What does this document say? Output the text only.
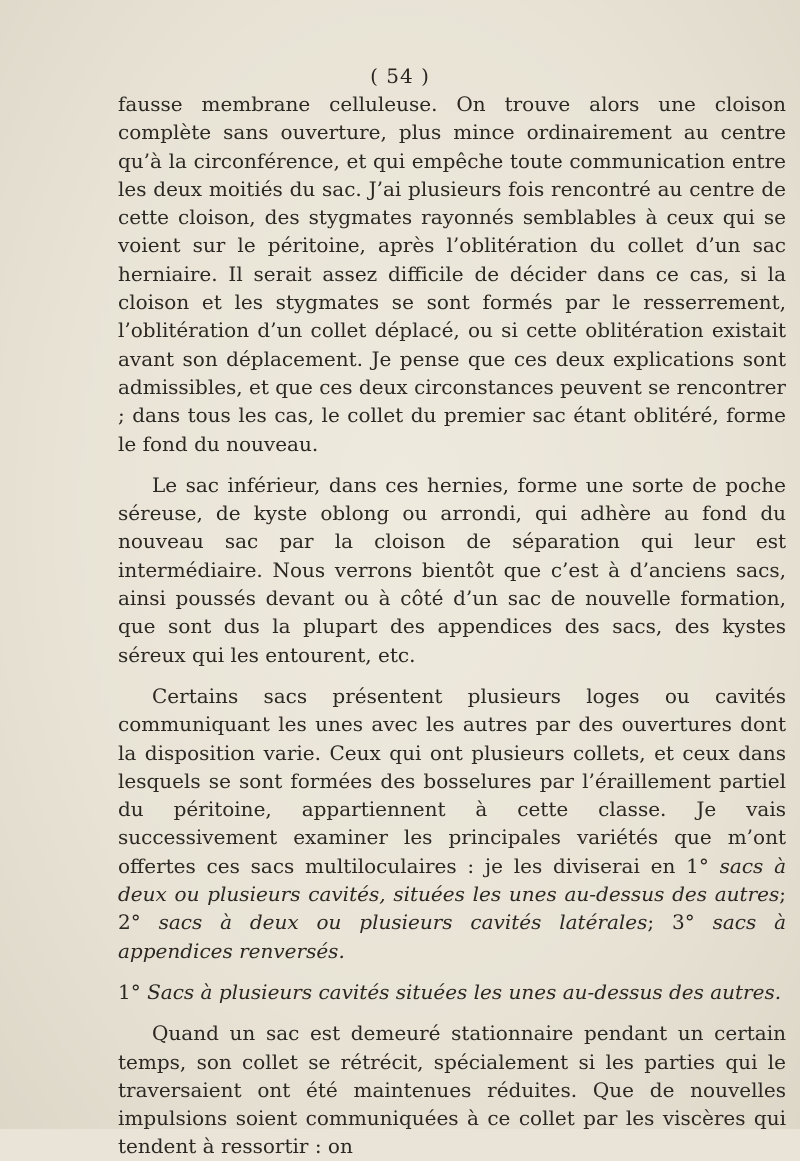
( 54 )

fausse membrane celluleuse. On trouve alors une cloison complète sans ouverture, plus mince ordinairement au centre qu’à la circonférence, et qui empêche toute communication entre les deux moitiés du sac. J’ai plusieurs fois rencontré au centre de cette cloison, des stygmates rayonnés semblables à ceux qui se voient sur le péritoine, après l’oblitération du collet d’un sac herniaire. Il serait assez difficile de décider dans ce cas, si la cloison et les stygmates se sont formés par le resserrement, l’oblitération d’un collet déplacé, ou si cette oblitération existait avant son déplacement. Je pense que ces deux explications sont admissibles, et que ces deux circonstances peuvent se rencontrer ; dans tous les cas, le collet du premier sac étant oblitéré, forme le fond du nouveau.

Le sac inférieur, dans ces hernies, forme une sorte de poche séreuse, de kyste oblong ou arrondi, qui adhère au fond du nouveau sac par la cloison de séparation qui leur est intermédiaire. Nous verrons bientôt que c’est à d’anciens sacs, ainsi poussés devant ou à côté d’un sac de nouvelle formation, que sont dus la plupart des appendices des sacs, des kystes séreux qui les entourent, etc.

Certains sacs présentent plusieurs loges ou cavités communiquant les unes avec les autres par des ouvertures dont la disposition varie. Ceux qui ont plusieurs collets, et ceux dans lesquels se sont formées des bosselures par l’éraillement partiel du péritoine, appartiennent à cette classe. Je vais successivement examiner les principales variétés que m’ont offertes ces sacs multiloculaires : je les diviserai en 1° sacs à deux ou plusieurs cavités, situées les unes au-dessus des autres; 2° sacs à deux ou plusieurs cavités latérales; 3° sacs à appendices renversés.

1° Sacs à plusieurs cavités situées les unes au-dessus des autres.

Quand un sac est demeuré stationnaire pendant un certain temps, son collet se rétrécit, spécialement si les parties qui le traversaient ont été maintenues réduites. Que de nouvelles impulsions soient communiquées à ce collet par les viscères qui tendent à ressortir : on
